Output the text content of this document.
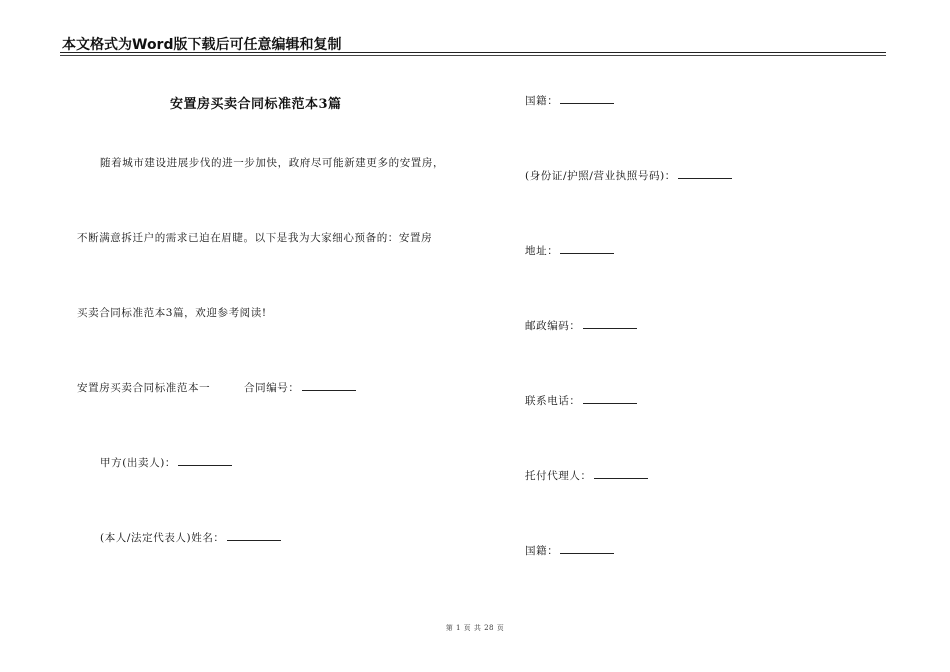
本文格式为Word版下载后可任意编辑和复制
安置房买卖合同标准范本3篇
随着城市建设进展步伐的进一步加快，政府尽可能新建更多的安置房，
不断满意拆迁户的需求已迫在眉睫。以下是我为大家细心预备的：安置房
买卖合同标准范本3篇，欢迎参考阅读!
安置房买卖合同标准范本一	合同编号：
甲方(出卖人)：
(本人/法定代表人)姓名：
国籍：
(身份证/护照/营业执照号码)：
地址：
邮政编码：
联系电话：
托付代理人：
国籍：
第 1 页 共 28 页
